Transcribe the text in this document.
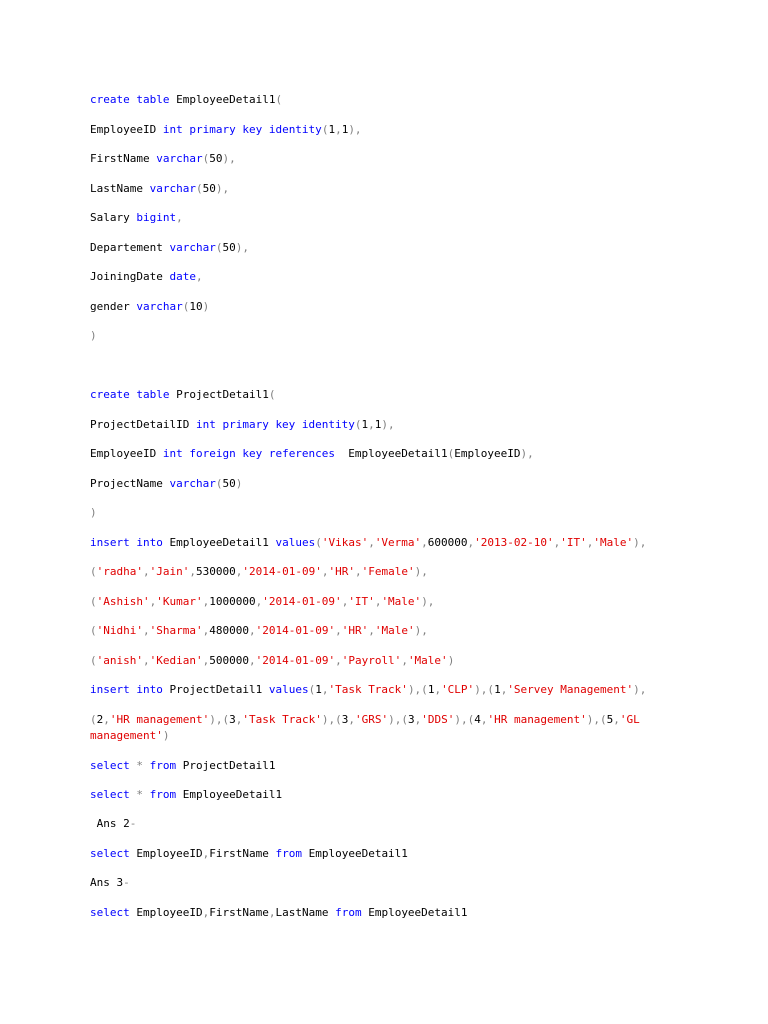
create table EmployeeDetail1(
EmployeeID int primary key identity(1,1),
FirstName varchar(50),
LastName varchar(50),
Salary bigint,
Departement varchar(50),
JoiningDate date,
gender varchar(10)
)
create table ProjectDetail1(
ProjectDetailID int primary key identity(1,1),
EmployeeID int foreign key references  EmployeeDetail1(EmployeeID),
ProjectName varchar(50)
)
insert into EmployeeDetail1 values('Vikas','Verma',600000,'2013-02-10','IT','Male'),
('radha','Jain',530000,'2014-01-09','HR','Female'),
('Ashish','Kumar',1000000,'2014-01-09','IT','Male'),
('Nidhi','Sharma',480000,'2014-01-09','HR','Male'),
('anish','Kedian',500000,'2014-01-09','Payroll','Male')
insert into ProjectDetail1 values(1,'Task Track'),(1,'CLP'),(1,'Servey Management'),
(2,'HR management'),(3,'Task Track'),(3,'GRS'),(3,'DDS'),(4,'HR management'),(5,'GL management')
select * from ProjectDetail1
select * from EmployeeDetail1
Ans 2-
select EmployeeID,FirstName from EmployeeDetail1
Ans 3-
select EmployeeID,FirstName,LastName from EmployeeDetail1
